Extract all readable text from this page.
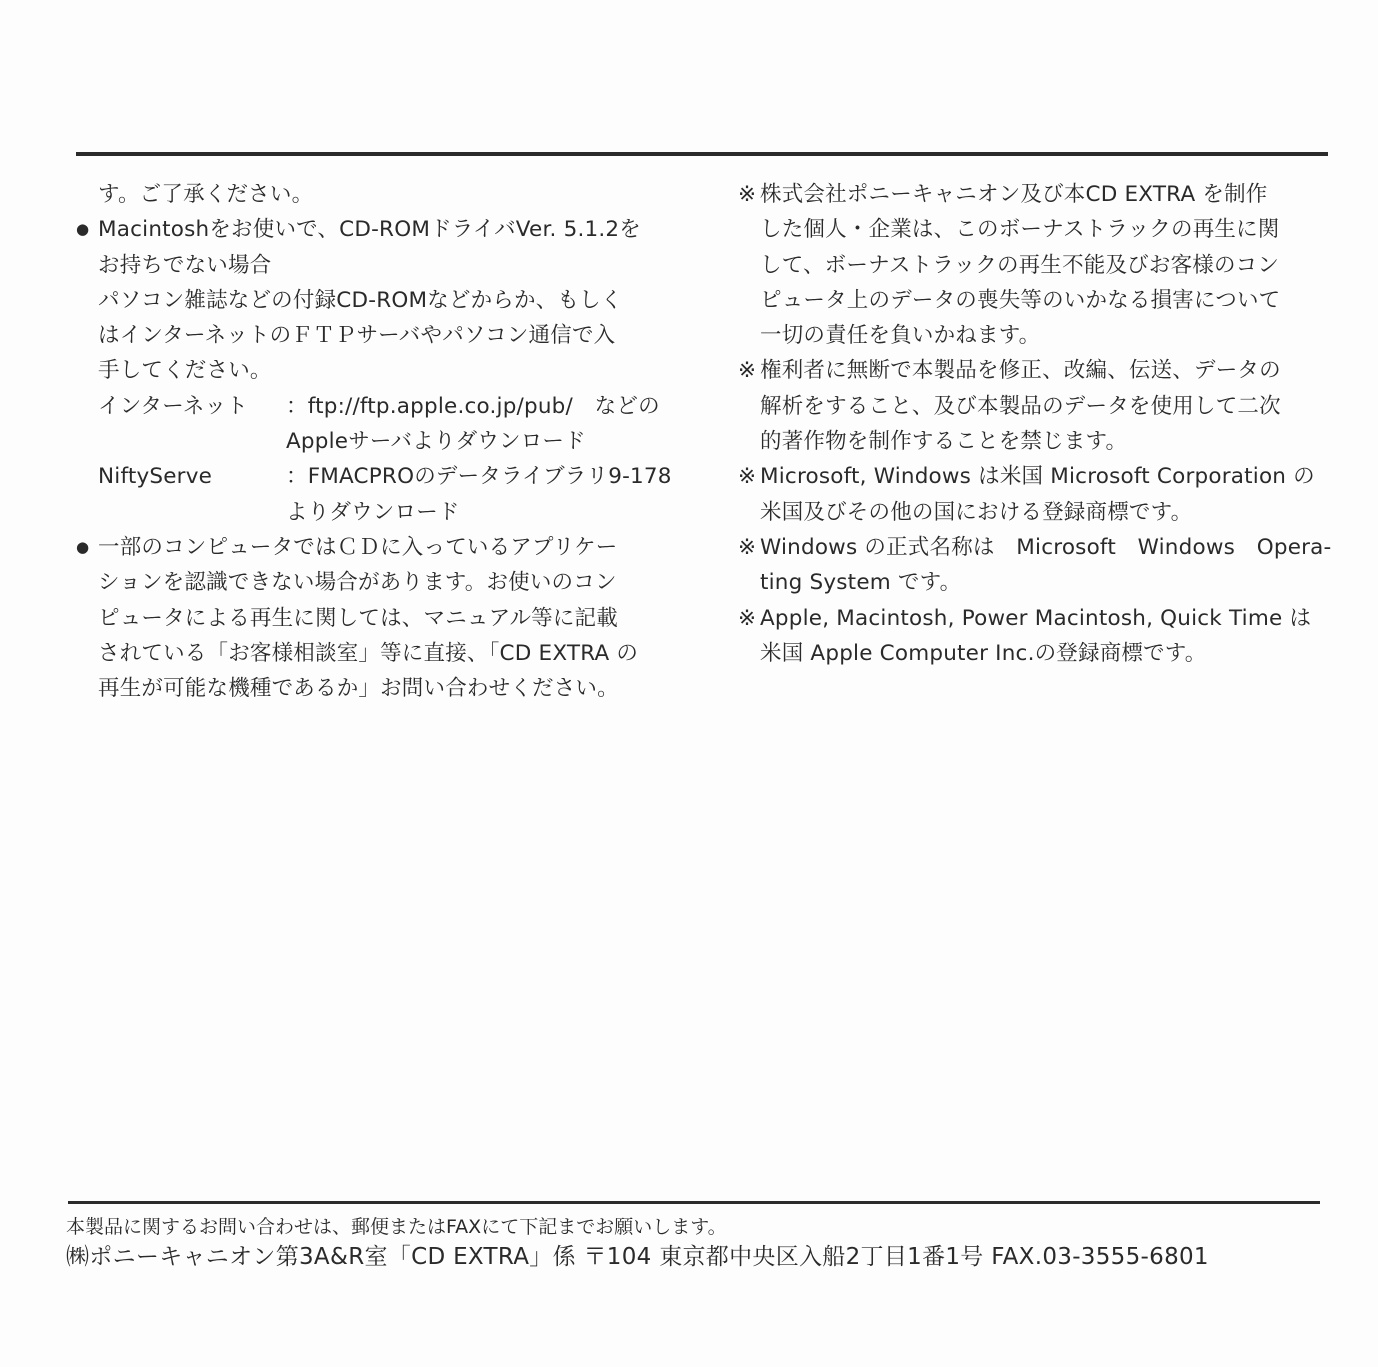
す。ご了承ください。
● Macintoshをお使いで、CD-ROMドライバVer. 5.1.2を
お持ちでない場合
パソコン雑誌などの付録CD-ROMなどからか、もしく
はインターネットのＦＴＰサーバやパソコン通信で入
手してください。
インターネット	： ftp://ftp.apple.co.jp/pub/　などの
Appleサーバよりダウンロード
NiftyServe	： FMACPROのデータライブラリ9-178
よりダウンロード
● 一部のコンピュータではＣＤに入っているアプリケー
ションを認識できない場合があります。お使いのコン
ピュータによる再生に関しては、マニュアル等に記載
されている「お客様相談室」等に直接、「CD EXTRA の
再生が可能な機種であるか」お問い合わせください。
※ 株式会社ポニーキャニオン及び本CD EXTRA を制作
した個人・企業は、このボーナストラックの再生に関
して、ボーナストラックの再生不能及びお客様のコン
ピュータ上のデータの喪失等のいかなる損害について
一切の責任を負いかねます。
※ 権利者に無断で本製品を修正、改編、伝送、データの
解析をすること、及び本製品のデータを使用して二次
的著作物を制作することを禁じます。
※ Microsoft, Windows は米国 Microsoft Corporation の
米国及びその他の国における登録商標です。
※ Windows の正式名称は　Microsoft　Windows　Opera-
ting System です。
※ Apple, Macintosh, Power Macintosh, Quick Time は
米国 Apple Computer Inc.の登録商標です。
本製品に関するお問い合わせは、郵便またはFAXにて下記までお願いします。
㈱ポニーキャニオン第3A&R室「CD EXTRA」係 〒104 東京都中央区入船2丁目1番1号 FAX.03-3555-6801
